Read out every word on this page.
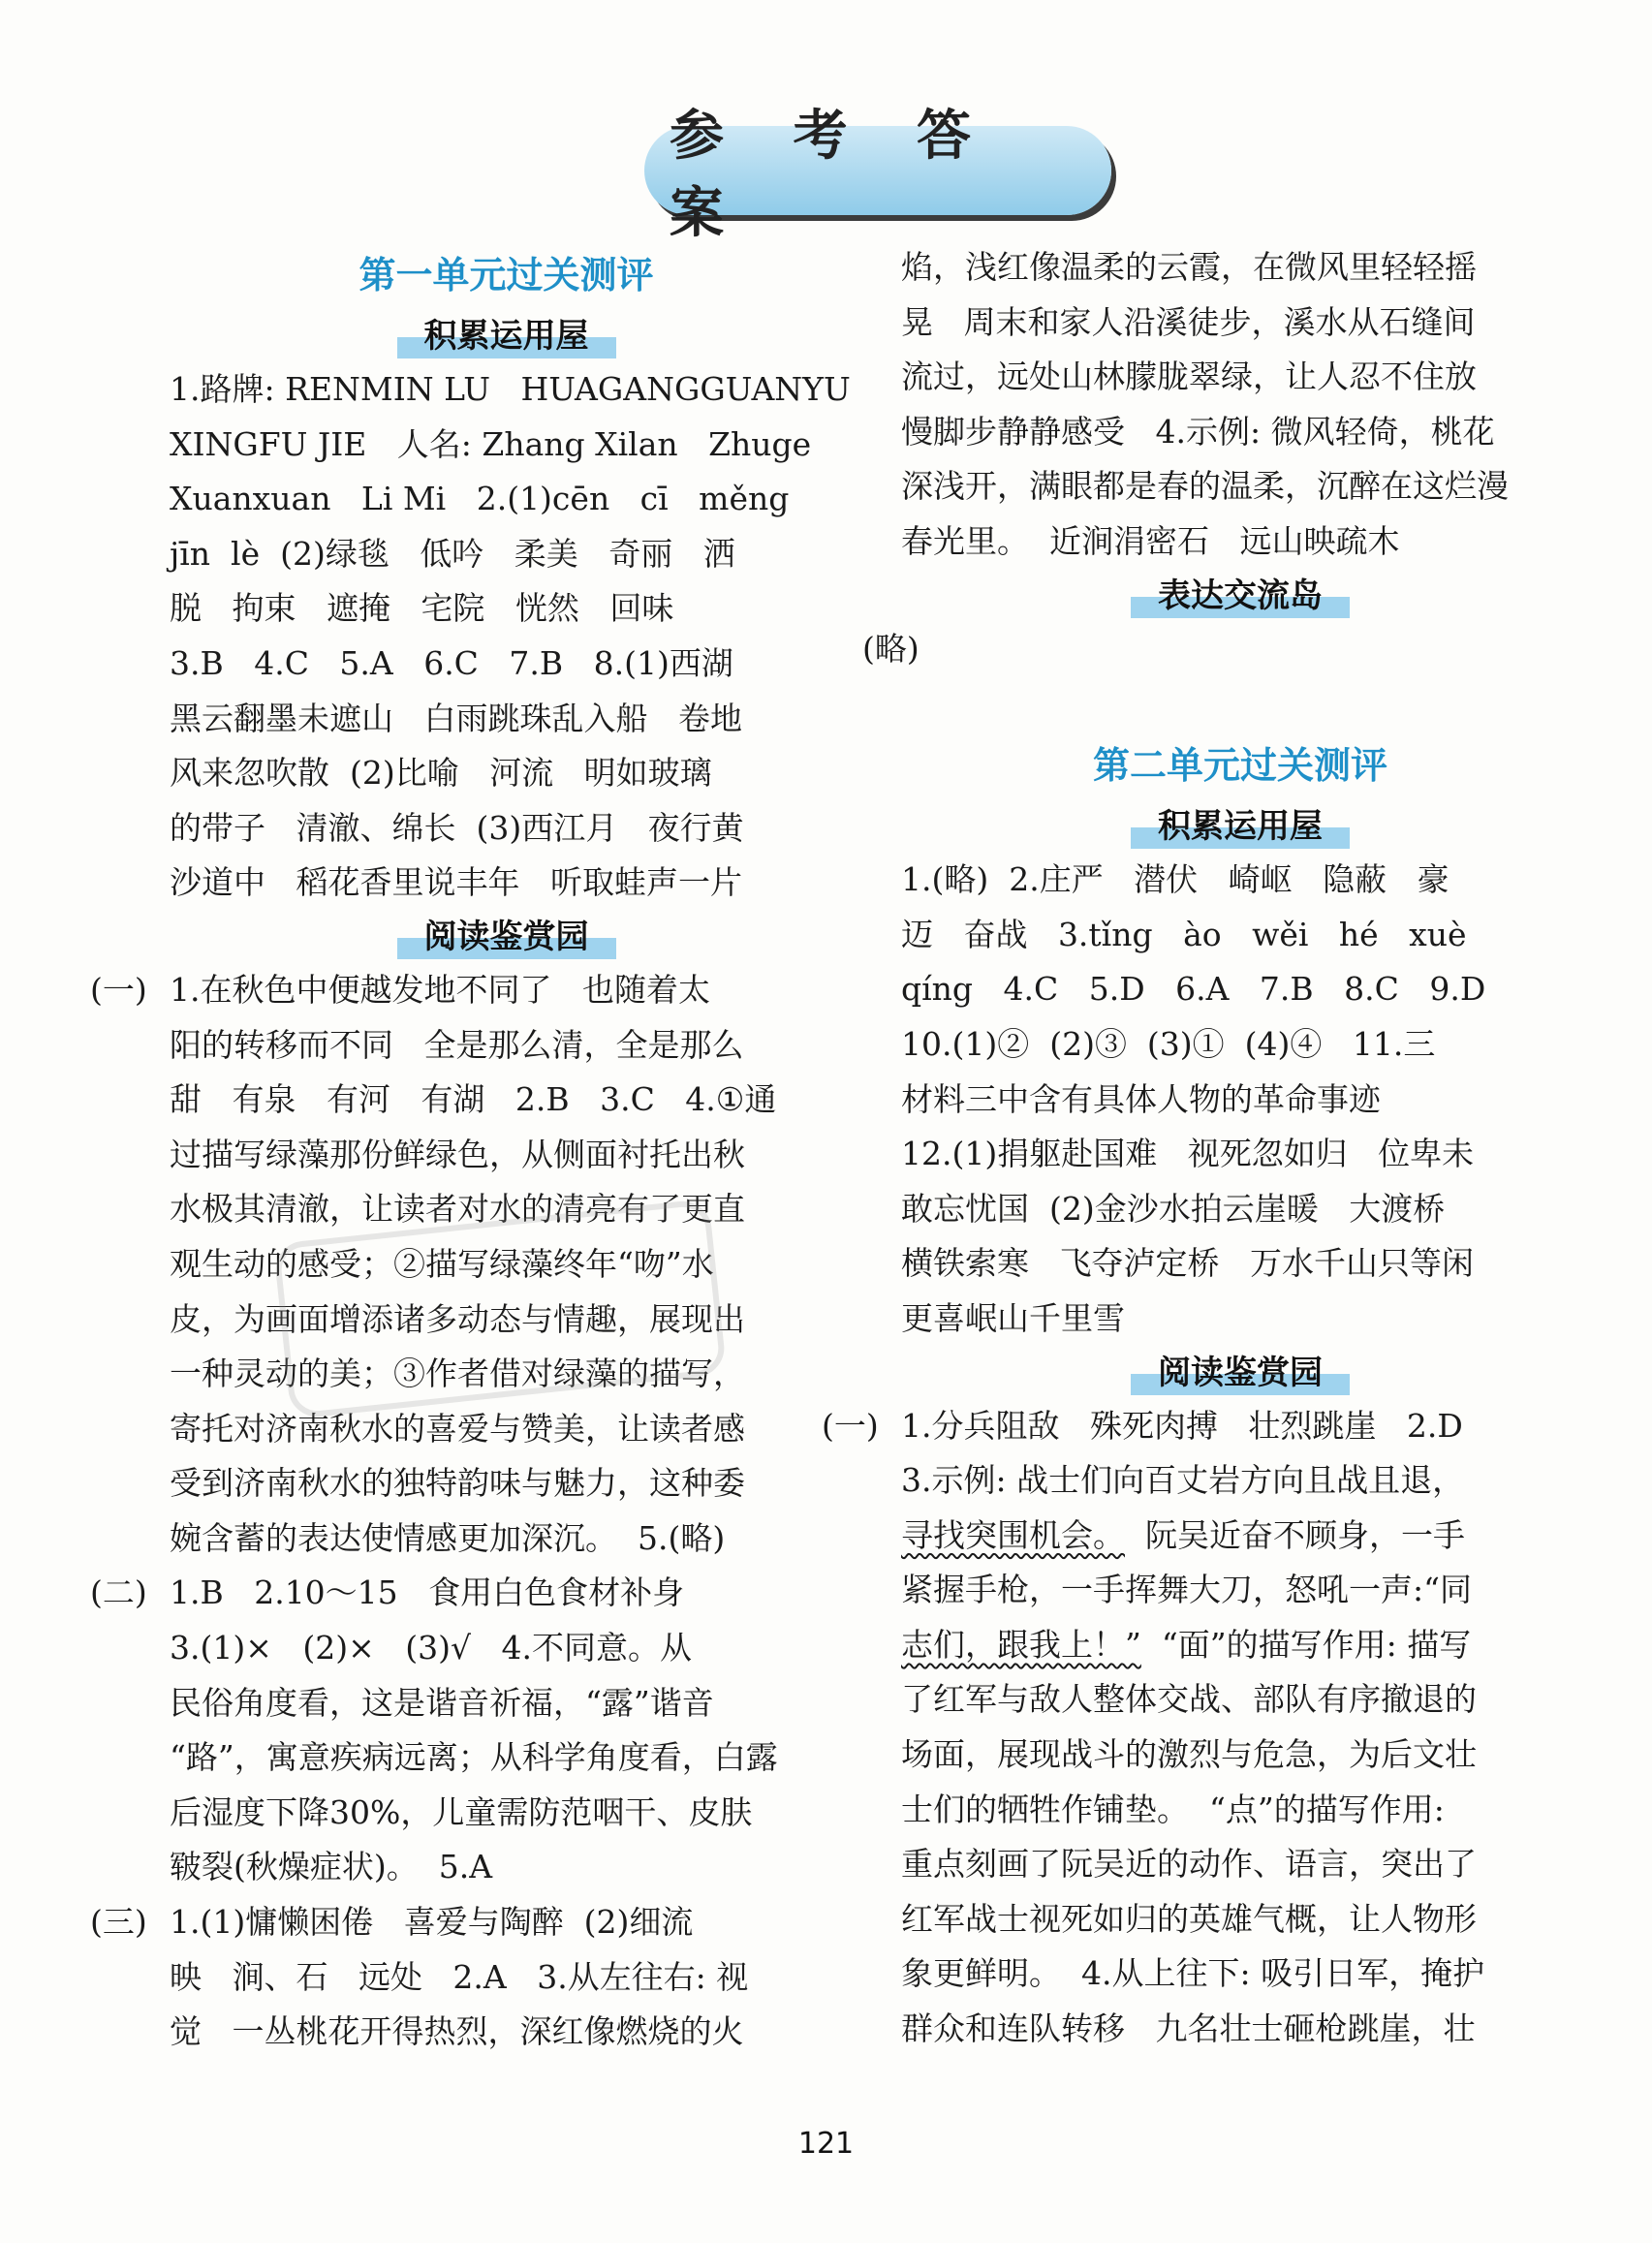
参 考 答 案
第一单元过关测评
积累运用屋
1.路牌: RENMIN LU   HUAGANGGUANYU
XINGFU JIE   人名: Zhang Xilan   Zhuge
Xuanxuan   Li Mi   2.(1)cēn   cī   měng
jīn  lè  (2)绿毯   低吟   柔美   奇丽   洒
脱   拘束   遮掩   宅院   恍然   回味
3.B   4.C   5.A   6.C   7.B   8.(1)西湖
黑云翻墨未遮山   白雨跳珠乱入船   卷地
风来忽吹散  (2)比喻   河流   明如玻璃
的带子   清澈、绵长  (3)西江月   夜行黄
沙道中   稻花香里说丰年   听取蛙声一片
阅读鉴赏园
(一) 1.在秋色中便越发地不同了   也随着太
阳的转移而不同   全是那么清，全是那么
甜   有泉   有河   有湖   2.B   3.C   4.①通
过描写绿藻那份鲜绿色，从侧面衬托出秋
水极其清澈，让读者对水的清亮有了更直
观生动的感受；②描写绿藻终年“吻”水
皮，为画面增添诸多动态与情趣，展现出
一种灵动的美；③作者借对绿藻的描写，
寄托对济南秋水的喜爱与赞美，让读者感
受到济南秋水的独特韵味与魅力，这种委
婉含蓄的表达使情感更加深沉。  5.(略)
(二) 1.B   2.10～15   食用白色食材补身
3.(1)×   (2)×   (3)√   4.不同意。从
民俗角度看，这是谐音祈福，“露”谐音
“路”，寓意疾病远离；从科学角度看，白露
后湿度下降30%，儿童需防范咽干、皮肤
皲裂(秋燥症状)。  5.A
(三) 1.(1)慵懒困倦   喜爱与陶醉  (2)细流
映   涧、石   远处   2.A   3.从左往右: 视
觉   一丛桃花开得热烈，深红像燃烧的火
焰，浅红像温柔的云霞，在微风里轻轻摇
晃   周末和家人沿溪徒步，溪水从石缝间
流过，远处山林朦胧翠绿，让人忍不住放
慢脚步静静感受   4.示例: 微风轻倚，桃花
深浅开，满眼都是春的温柔，沉醉在这烂漫
春光里。  近涧涓密石   远山映疏木
表达交流岛
(略)
第二单元过关测评
积累运用屋
1.(略)  2.庄严   潜伏   崎岖   隐蔽   豪
迈   奋战   3.tǐng   ào   wěi   hé   xuè
qíng   4.C   5.D   6.A   7.B   8.C   9.D
10.(1)②  (2)③  (3)①  (4)④   11.三
材料三中含有具体人物的革命事迹
12.(1)捐躯赴国难   视死忽如归   位卑未
敢忘忧国  (2)金沙水拍云崖暖   大渡桥
横铁索寒   飞夺泸定桥   万水千山只等闲
更喜岷山千里雪
阅读鉴赏园
(一) 1.分兵阻敌   殊死肉搏   壮烈跳崖   2.D
3.示例: 战士们向百丈岩方向且战且退，
寻找突围机会。  阮吴近奋不顾身，一手
紧握手枪，一手挥舞大刀，怒吼一声:“同
志们，跟我上！”  “面”的描写作用: 描写
了红军与敌人整体交战、部队有序撤退的
场面，展现战斗的激烈与危急，为后文壮
士们的牺牲作铺垫。  “点”的描写作用:
重点刻画了阮吴近的动作、语言，突出了
红军战士视死如归的英雄气概，让人物形
象更鲜明。  4.从上往下: 吸引日军，掩护
群众和连队转移   九名壮士砸枪跳崖，壮
121
